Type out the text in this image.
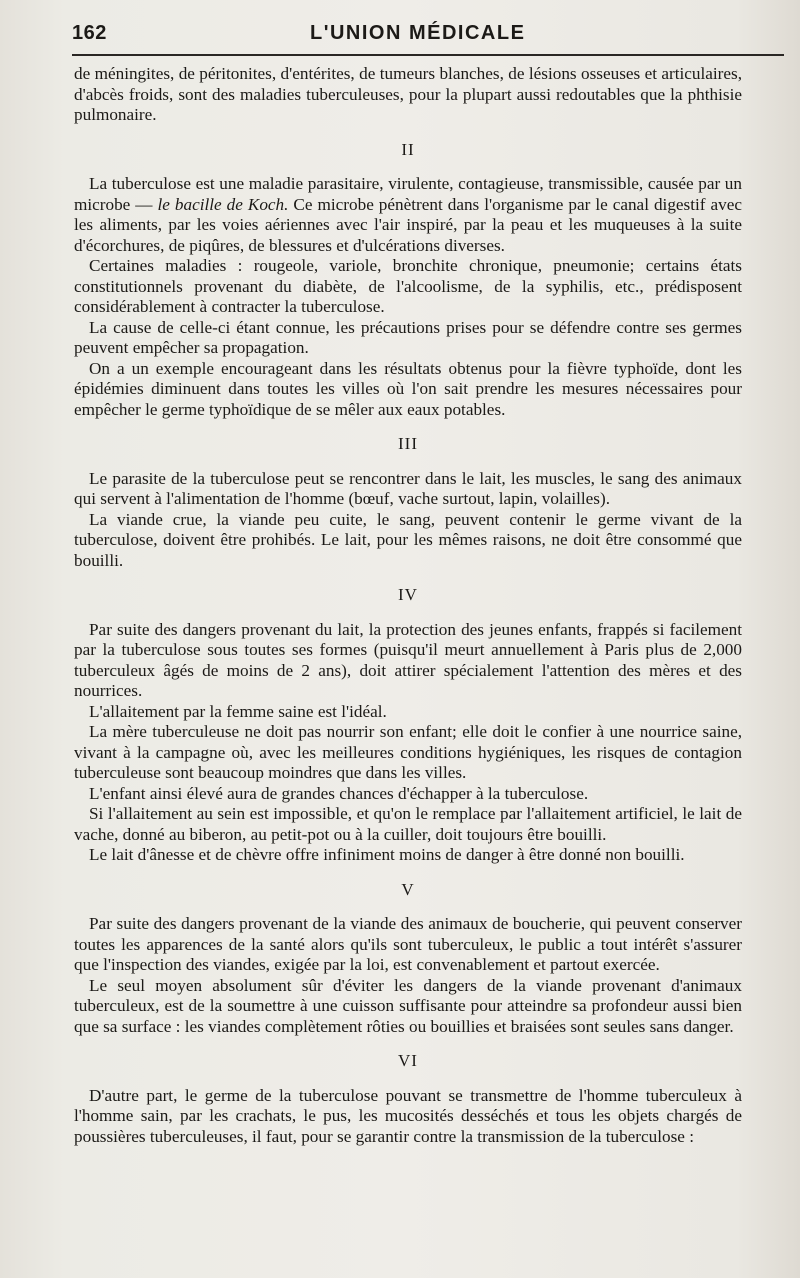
162	L'UNION MÉDICALE

de méningites, de péritonites, d'entérites, de tumeurs blanches, de lésions osseuses et articulaires, d'abcès froids, sont des maladies tuberculeuses, pour la plupart aussi redoutables que la phthisie pulmonaire.

II

La tuberculose est une maladie parasitaire, virulente, contagieuse, transmissible, causée par un microbe — le bacille de Koch. Ce microbe pénètrent dans l'organisme par le canal digestif avec les aliments, par les voies aériennes avec l'air inspiré, par la peau et les muqueuses à la suite d'écorchures, de piqûres, de blessures et d'ulcérations diverses.

Certaines maladies : rougeole, variole, bronchite chronique, pneumonie; certains états constitutionnels provenant du diabète, de l'alcoolisme, de la syphilis, etc., prédisposent considérablement à contracter la tuberculose.

La cause de celle-ci étant connue, les précautions prises pour se défendre contre ses germes peuvent empêcher sa propagation.

On a un exemple encourageant dans les résultats obtenus pour la fièvre typhoïde, dont les épidémies diminuent dans toutes les villes où l'on sait prendre les mesures nécessaires pour empêcher le germe typhoïdique de se mêler aux eaux potables.

III

Le parasite de la tuberculose peut se rencontrer dans le lait, les muscles, le sang des animaux qui servent à l'alimentation de l'homme (bœuf, vache surtout, lapin, volailles).

La viande crue, la viande peu cuite, le sang, peuvent contenir le germe vivant de la tuberculose, doivent être prohibés. Le lait, pour les mêmes raisons, ne doit être consommé que bouilli.

IV

Par suite des dangers provenant du lait, la protection des jeunes enfants, frappés si facilement par la tuberculose sous toutes ses formes (puisqu'il meurt annuellement à Paris plus de 2,000 tuberculeux âgés de moins de 2 ans), doit attirer spécialement l'attention des mères et des nourrices.

L'allaitement par la femme saine est l'idéal.

La mère tuberculeuse ne doit pas nourrir son enfant; elle doit le confier à une nourrice saine, vivant à la campagne où, avec les meilleures conditions hygiéniques, les risques de contagion tuberculeuse sont beaucoup moindres que dans les villes.

L'enfant ainsi élevé aura de grandes chances d'échapper à la tuberculose.

Si l'allaitement au sein est impossible, et qu'on le remplace par l'allaitement artificiel, le lait de vache, donné au biberon, au petit-pot ou à la cuiller, doit toujours être bouilli.

Le lait d'ânesse et de chèvre offre infiniment moins de danger à être donné non bouilli.

V

Par suite des dangers provenant de la viande des animaux de boucherie, qui peuvent conserver toutes les apparences de la santé alors qu'ils sont tuberculeux, le public a tout intérêt s'assurer que l'inspection des viandes, exigée par la loi, est convenablement et partout exercée.

Le seul moyen absolument sûr d'éviter les dangers de la viande provenant d'animaux tuberculeux, est de la soumettre à une cuisson suffisante pour atteindre sa profondeur aussi bien que sa surface : les viandes complètement rôties ou bouillies et braisées sont seules sans danger.

VI

D'autre part, le germe de la tuberculose pouvant se transmettre de l'homme tuberculeux à l'homme sain, par les crachats, le pus, les mucosités desséchés et tous les objets chargés de poussières tuberculeuses, il faut, pour se garantir contre la transmission de la tuberculose :
